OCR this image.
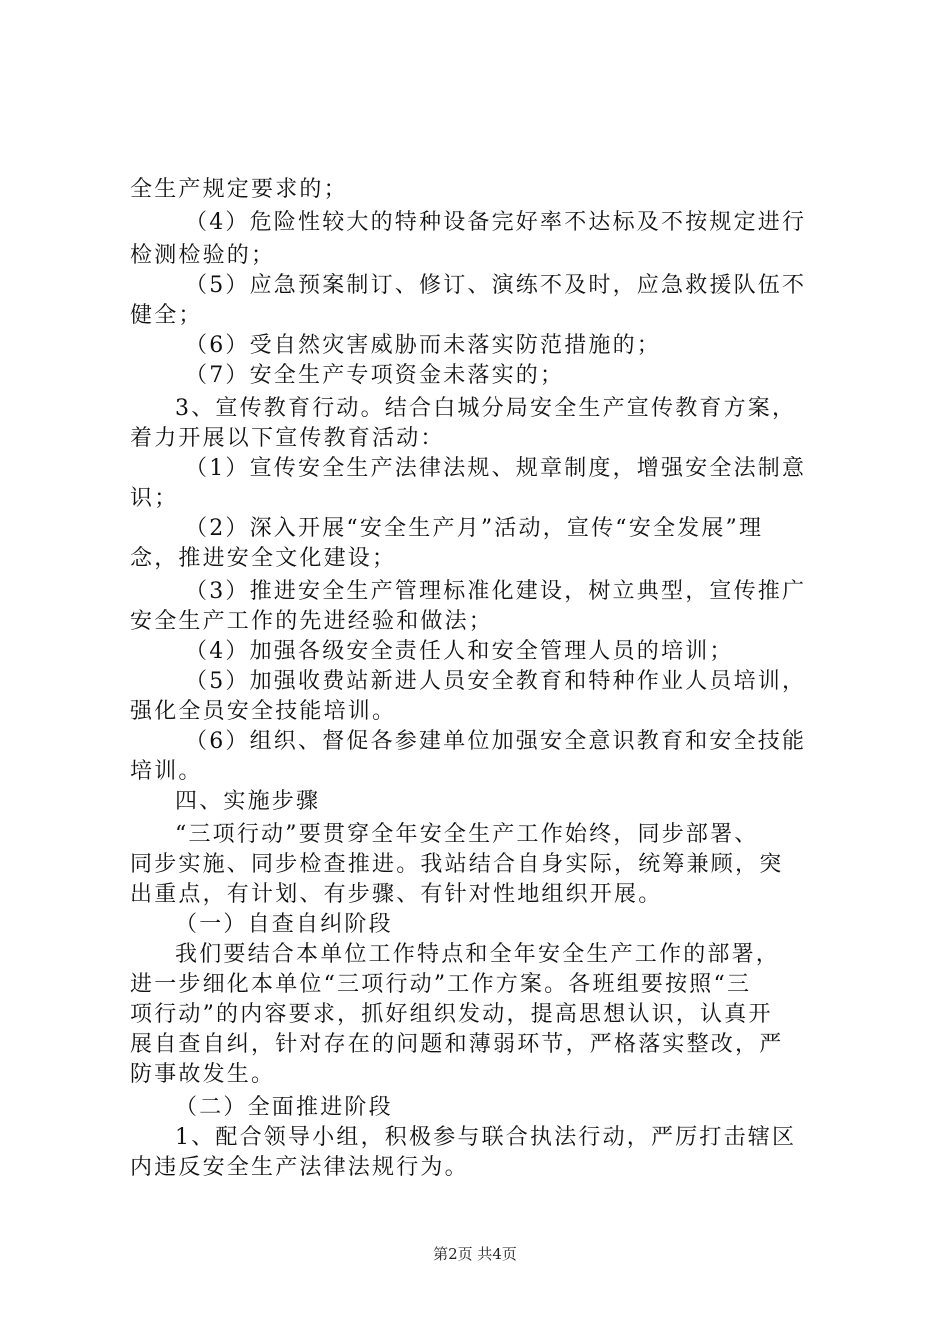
全生产规定要求的；
（4）危险性较大的特种设备完好率不达标及不按规定进行
检测检验的；
（5）应急预案制订、修订、演练不及时，应急救援队伍不
健全；
（6）受自然灾害威胁而未落实防范措施的；
（7）安全生产专项资金未落实的；
3、宣传教育行动。结合白城分局安全生产宣传教育方案，
着力开展以下宣传教育活动：
（1）宣传安全生产法律法规、规章制度，增强安全法制意
识；
（2）深入开展“安全生产月”活动，宣传“安全发展”理
念，推进安全文化建设；
（3）推进安全生产管理标准化建设，树立典型，宣传推广
安全生产工作的先进经验和做法；
（4）加强各级安全责任人和安全管理人员的培训；
（5）加强收费站新进人员安全教育和特种作业人员培训，
强化全员安全技能培训。
（6）组织、督促各参建单位加强安全意识教育和安全技能
培训。
四、实施步骤
“三项行动”要贯穿全年安全生产工作始终，同步部署、
同步实施、同步检查推进。我站结合自身实际，统筹兼顾，突
出重点，有计划、有步骤、有针对性地组织开展。
（一）自查自纠阶段
我们要结合本单位工作特点和全年安全生产工作的部署，
进一步细化本单位“三项行动”工作方案。各班组要按照“三
项行动”的内容要求，抓好组织发动，提高思想认识，认真开
展自查自纠，针对存在的问题和薄弱环节，严格落实整改，严
防事故发生。
（二）全面推进阶段
1、配合领导小组，积极参与联合执法行动，严厉打击辖区
内违反安全生产法律法规行为。
第2页 共4页
